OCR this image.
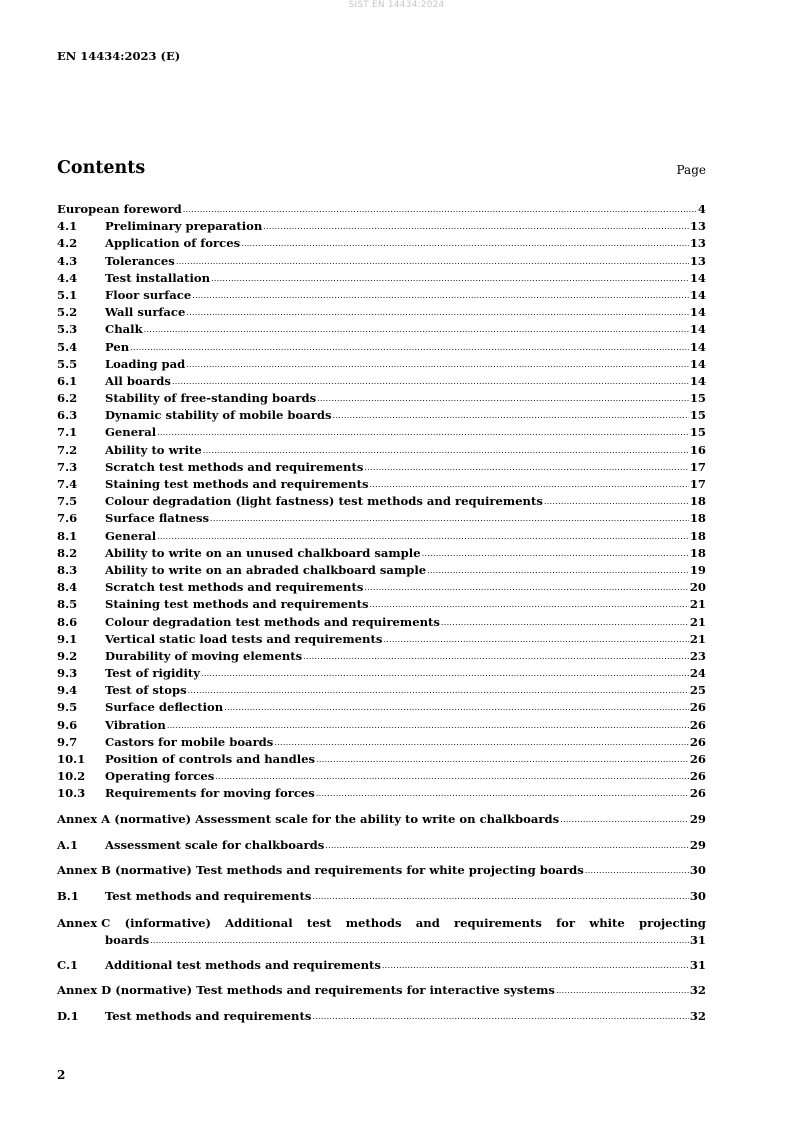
SIST EN 14434:2024
EN 14434:2023 (E)
Contents	Page
European foreword .....	4
4.1	Preliminary preparation .....	13
4.2	Application of forces .....	13
4.3	Tolerances .....	13
4.4	Test installation .....	14
5.1	Floor surface .....	14
5.2	Wall surface .....	14
5.3	Chalk .....	14
5.4	Pen .....	14
5.5	Loading pad .....	14
6.1	All boards .....	14
6.2	Stability of free-standing boards .....	15
6.3	Dynamic stability of mobile boards .....	15
7.1	General .....	15
7.2	Ability to write .....	16
7.3	Scratch test methods and requirements .....	17
7.4	Staining test methods and requirements .....	17
7.5	Colour degradation (light fastness) test methods and requirements .....	18
7.6	Surface flatness .....	18
8.1	General .....	18
8.2	Ability to write on an unused chalkboard sample .....	18
8.3	Ability to write on an abraded chalkboard sample .....	19
8.4	Scratch test methods and requirements .....	20
8.5	Staining test methods and requirements .....	21
8.6	Colour degradation test methods and requirements .....	21
9.1	Vertical static load tests and requirements .....	21
9.2	Durability of moving elements .....	23
9.3	Test of rigidity .....	24
9.4	Test of stops .....	25
9.5	Surface deflection .....	26
9.6	Vibration .....	26
9.7	Castors for mobile boards .....	26
10.1	Position of controls and handles .....	26
10.2	Operating forces .....	26
10.3	Requirements for moving forces .....	26
Annex A (normative) Assessment scale for the ability to write on chalkboards .....	29
A.1	Assessment scale for chalkboards .....	29
Annex B (normative) Test methods and requirements for white projecting boards .....	30
B.1	Test methods and requirements .....	30
Annex C (informative) Additional test methods and requirements for white projecting
boards .....	31
C.1	Additional test methods and requirements .....	31
Annex D (normative) Test methods and requirements for interactive systems .....	32
D.1	Test methods and requirements .....	32
2
